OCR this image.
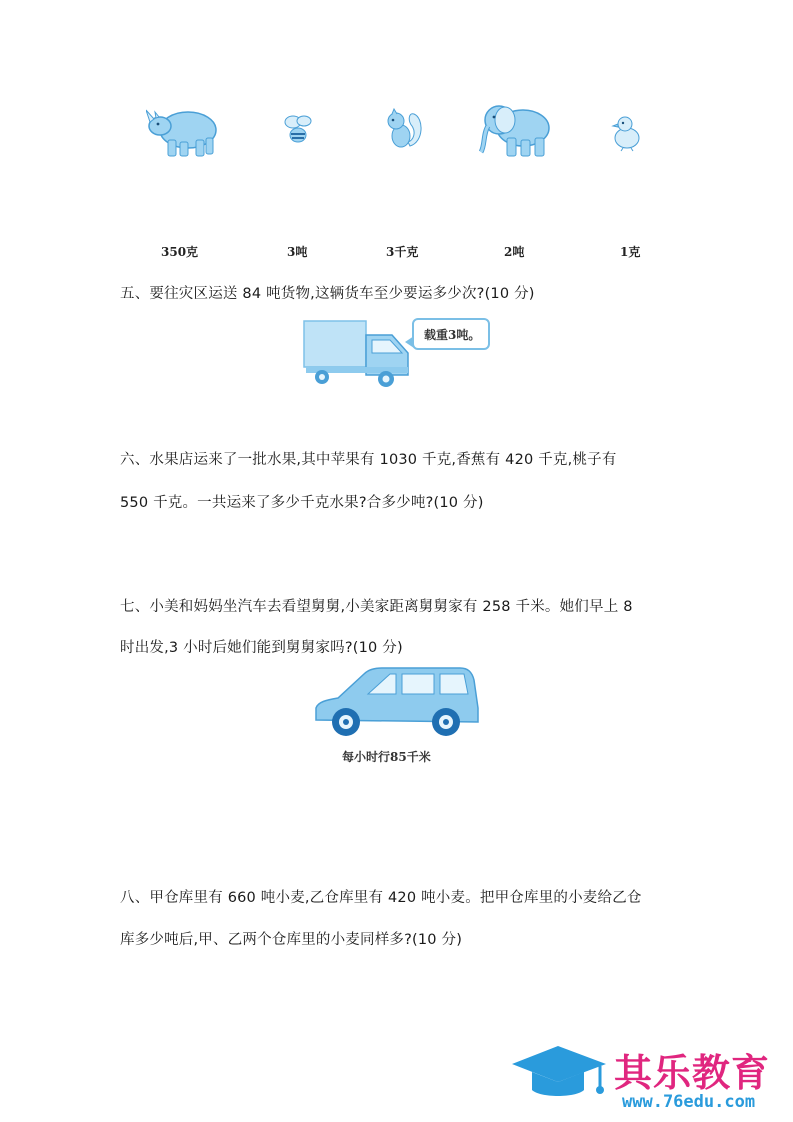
350克	3吨	3千克	2吨	1克
五、要往灾区运送 84 吨货物,这辆货车至少要运多少次?(10 分)
载重3吨。
六、水果店运来了一批水果,其中苹果有 1030 千克,香蕉有 420 千克,桃子有
550 千克。一共运来了多少千克水果?合多少吨?(10 分)
七、小美和妈妈坐汽车去看望舅舅,小美家距离舅舅家有 258 千米。她们早上 8
时出发,3 小时后她们能到舅舅家吗?(10 分)
每小时行85千米
八、甲仓库里有 660 吨小麦,乙仓库里有 420 吨小麦。把甲仓库里的小麦给乙仓
库多少吨后,甲、乙两个仓库里的小麦同样多?(10 分)
其乐教育
www.76edu.com
